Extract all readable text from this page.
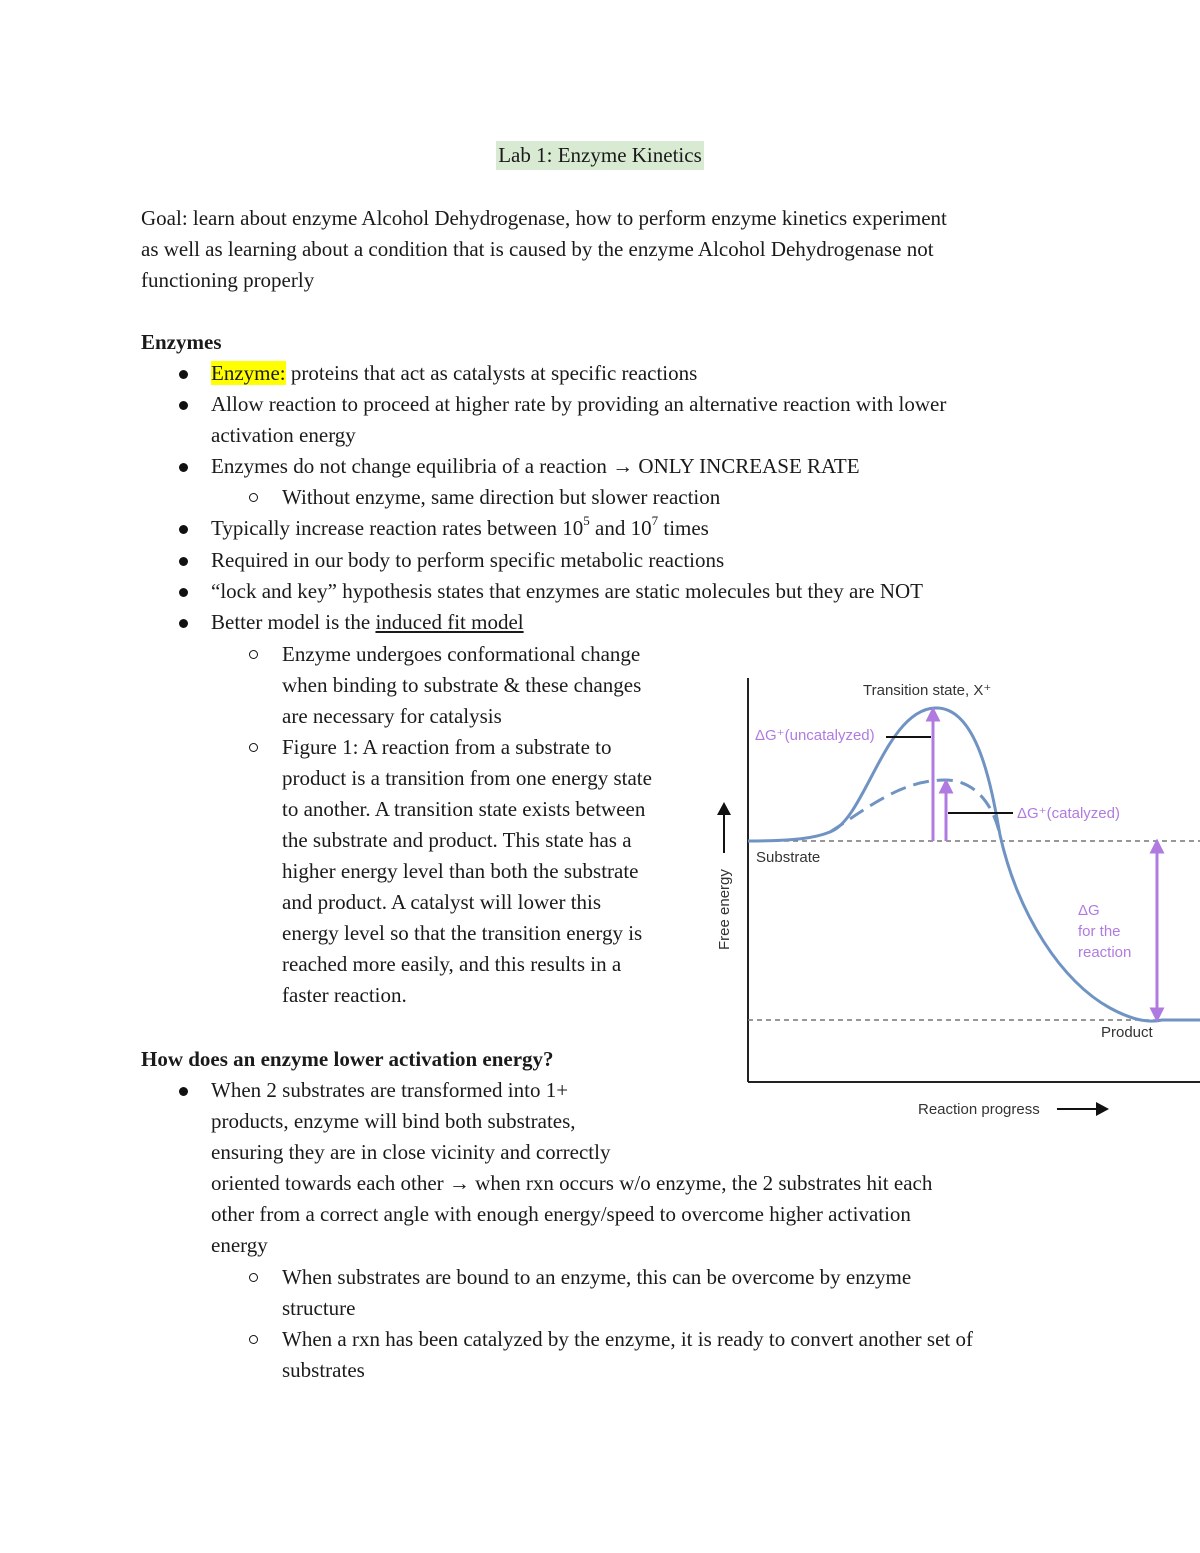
Lab 1: Enzyme Kinetics
Goal: learn about enzyme Alcohol Dehydrogenase, how to perform enzyme kinetics experiment
as well as learning about a condition that is caused by the enzyme Alcohol Dehydrogenase not
functioning properly
Enzymes
Enzyme: proteins that act as catalysts at specific reactions
Allow reaction to proceed at higher rate by providing an alternative reaction with lower
activation energy
Enzymes do not change equilibria of a reaction → ONLY INCREASE RATE
Without enzyme, same direction but slower reaction
Typically increase reaction rates between $10^5$ and $10^7$ times
Required in our body to perform specific metabolic reactions
“lock and key” hypothesis states that enzymes are static molecules but they are NOT
Better model is the induced fit model
Enzyme undergoes conformational change
when binding to substrate & these changes
are necessary for catalysis
Figure 1: A reaction from a substrate to
product is a transition from one energy state
to another. A transition state exists between
the substrate and product. This state has a
higher energy level than both the substrate
and product. A catalyst will lower this
energy level so that the transition energy is
reached more easily, and this results in a
faster reaction.
How does an enzyme lower activation energy?
When 2 substrates are transformed into 1+
products, enzyme will bind both substrates,
ensuring they are in close vicinity and correctly
oriented towards each other → when rxn occurs w/o enzyme, the 2 substrates hit each
other from a correct angle with enough energy/speed to overcome higher activation
energy
When substrates are bound to an enzyme, this can be overcome by enzyme
structure
When a rxn has been catalyzed by the enzyme, it is ready to convert another set of
substrates
Transition state, X⁺
ΔG⁺(uncatalyzed)
ΔG⁺(catalyzed)
Substrate
Product
ΔG
for the
reaction
Free energy
Reaction progress
